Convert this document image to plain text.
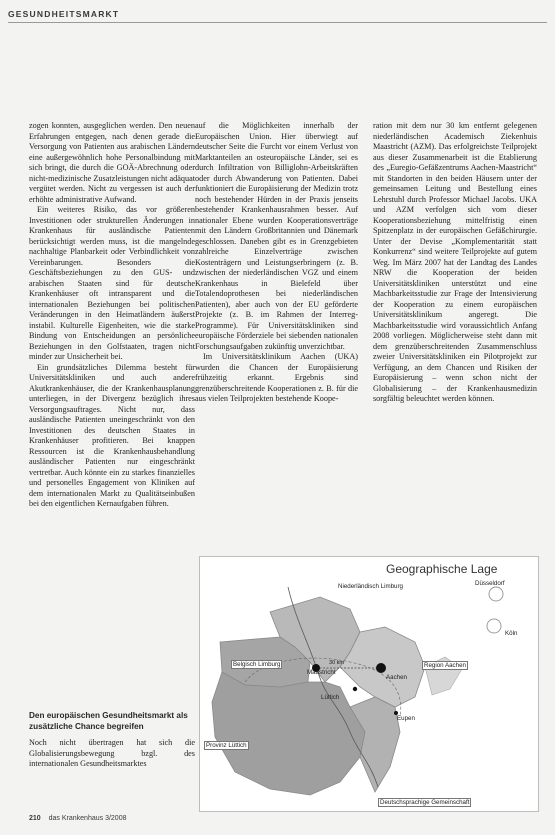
GESUNDHEITSMARKT

zogen konnten, ausgeglichen werden. Den neuen Erfahrungen entgegen, nach denen gerade die Versorgung von Patienten aus arabischen Ländern eine außergewöhnlich hohe Personalbindung mit sich bringt, die durch die GOÄ-Abrechnung oder nicht-medizinische Zusatzleistungen nicht adäquat vergütet werden. Nicht zu vergessen ist auch der erhöhte administrative Aufwand.

Ein weiteres Risiko, das vor größeren Investitionen oder strukturellen Änderungen in Krankenhaus für ausländische Patienten berücksichtigt werden muss, ist die mangelnde nachhaltige Planbarkeit oder Verbindlichkeit von Vereinbarungen. Besonders die Geschäftsbeziehungen zu den GUS- und arabischen Staaten sind für deutsche Krankenhäuser oft intransparent und die internationalen Beziehungen bei politischen Veränderungen in den Heimatländern äußerst instabil. Kulturelle Eigenheiten, wie die starke Bindung von Entscheidungen an persönliche Beziehungen in den Golfstaaten, tragen nicht minder zur Unsicherheit bei.

Ein grundsätzliches Dilemma besteht für Universitätskliniken und auch andere Akutkrankenhäuser, die der Krankenhausplanung unterliegen, in der Divergenz bezüglich ihres Versorgungsauftrages. Nicht nur, dass ausländische Patienten uneingeschränkt von den Investitionen des deutschen Staates in Krankenhäuser profitieren. Bei knappen Ressourcen ist die Krankenhausbehandlung ausländischer Patienten nur eingeschränkt vertretbar. Auch könnte ein zu starkes finanzielles und personelles Engagement von Kliniken auf dem internationalen Markt zu Qualitätseinbußen bei den eigentlichen Kernaufgaben führen.

Den europäischen Gesundheitsmarkt als zusätzliche Chance begreifen
Noch nicht übertragen hat sich die Globalisierungsbewegung bzgl. des internationalen Gesundheitsmarktes

auf die Möglichkeiten innerhalb der Europäischen Union. Hier überwiegt auf deutscher Seite die Furcht vor einem Verlust von Marktanteilen an osteuropäische Länder, sei es durch Infiltration von Billiglohn-Arbeitskräften oder durch Abwanderung von Patienten. Dabei funktioniert die Europäisierung der Medizin trotz noch bestehender Hürden in der Praxis jenseits bestehender Krankenhausrahmen besser. Auf nationaler Ebene wurden Kooperationsverträge mit den Ländern Großbritannien und Dänemark geschlossen. Daneben gibt es in Grenzgebieten zahlreiche Einzelverträge zwischen Kostenträgern und Leistungserbringern (z. B. zwischen der niederländischen VGZ und einem Krankenhaus in Bielefeld über Totalendoprothesen bei niederländischen Patienten), aber auch von der EU geförderte Projekte (z. B. im Rahmen der Interreg-Programme). Für Universitätskliniken sind europäische Förderziele bei siebenden nationalen Forschungsaufgaben zukünftig unverzichtbar.

Im Universitätsklinikum Aachen (UKA) wurden die Chancen der Europäisierung frühzeitig erkannt. Ergebnis sind grenzüberschreitende Kooperationen z. B. für die aus vielen Teilprojekten bestehende Koope-

ration mit dem nur 30 km entfernt gelegenen niederländischen Academisch Ziekenhuis Maastricht (AZM). Das erfolgreichste Teilprojekt aus dieser Zusammenarbeit ist die Etablierung des „Euregio-Gefäßzentrums Aachen-Maastricht“ mit Standorten in den beiden Häusern unter der gemeinsamen Leitung und Bestellung eines Lehrstuhl durch Professor Michael Jacobs. UKA und AZM verfolgen sich vom dieser Kooperationsbeziehung mittelfristig einen Spitzenplatz in der europäischen Gefäßchirurgie. Unter der Devise „Komplementarität statt Konkurrenz“ sind weitere Teilprojekte auf gutem Weg. Im März 2007 hat der Landtag des Landes NRW die Kooperation der beiden Universitätskliniken unterstützt und eine Machbarkeitsstudie zur Frage der Intensivierung der Kooperation zu einem europäischen Universitätsklinikum angeregt. Die Machbarkeitsstudie wird voraussichtlich Anfang 2008 vorliegen. Möglicherweise steht dann mit dem grenzüberschreitenden Zusammenschluss zweier Universitätskliniken ein Pilotprojekt zur Verfügung, an dem Chancen und Risiken der Europäisierung – wenn schon nicht der Globalisierung – der Krankenhausmedizin sorgfältig beleuchtet werden können.

Geographische Lage
Niederländisch Limburg	Düsseldorf
Köln
Belgisch Limburg
Maastricht
30 km
Aachen
Region Aachen
Lüttich
Eupen
Provinz Lüttich
Deutschsprachige Gemeinschaft
210 das Krankenhaus 3/2008
